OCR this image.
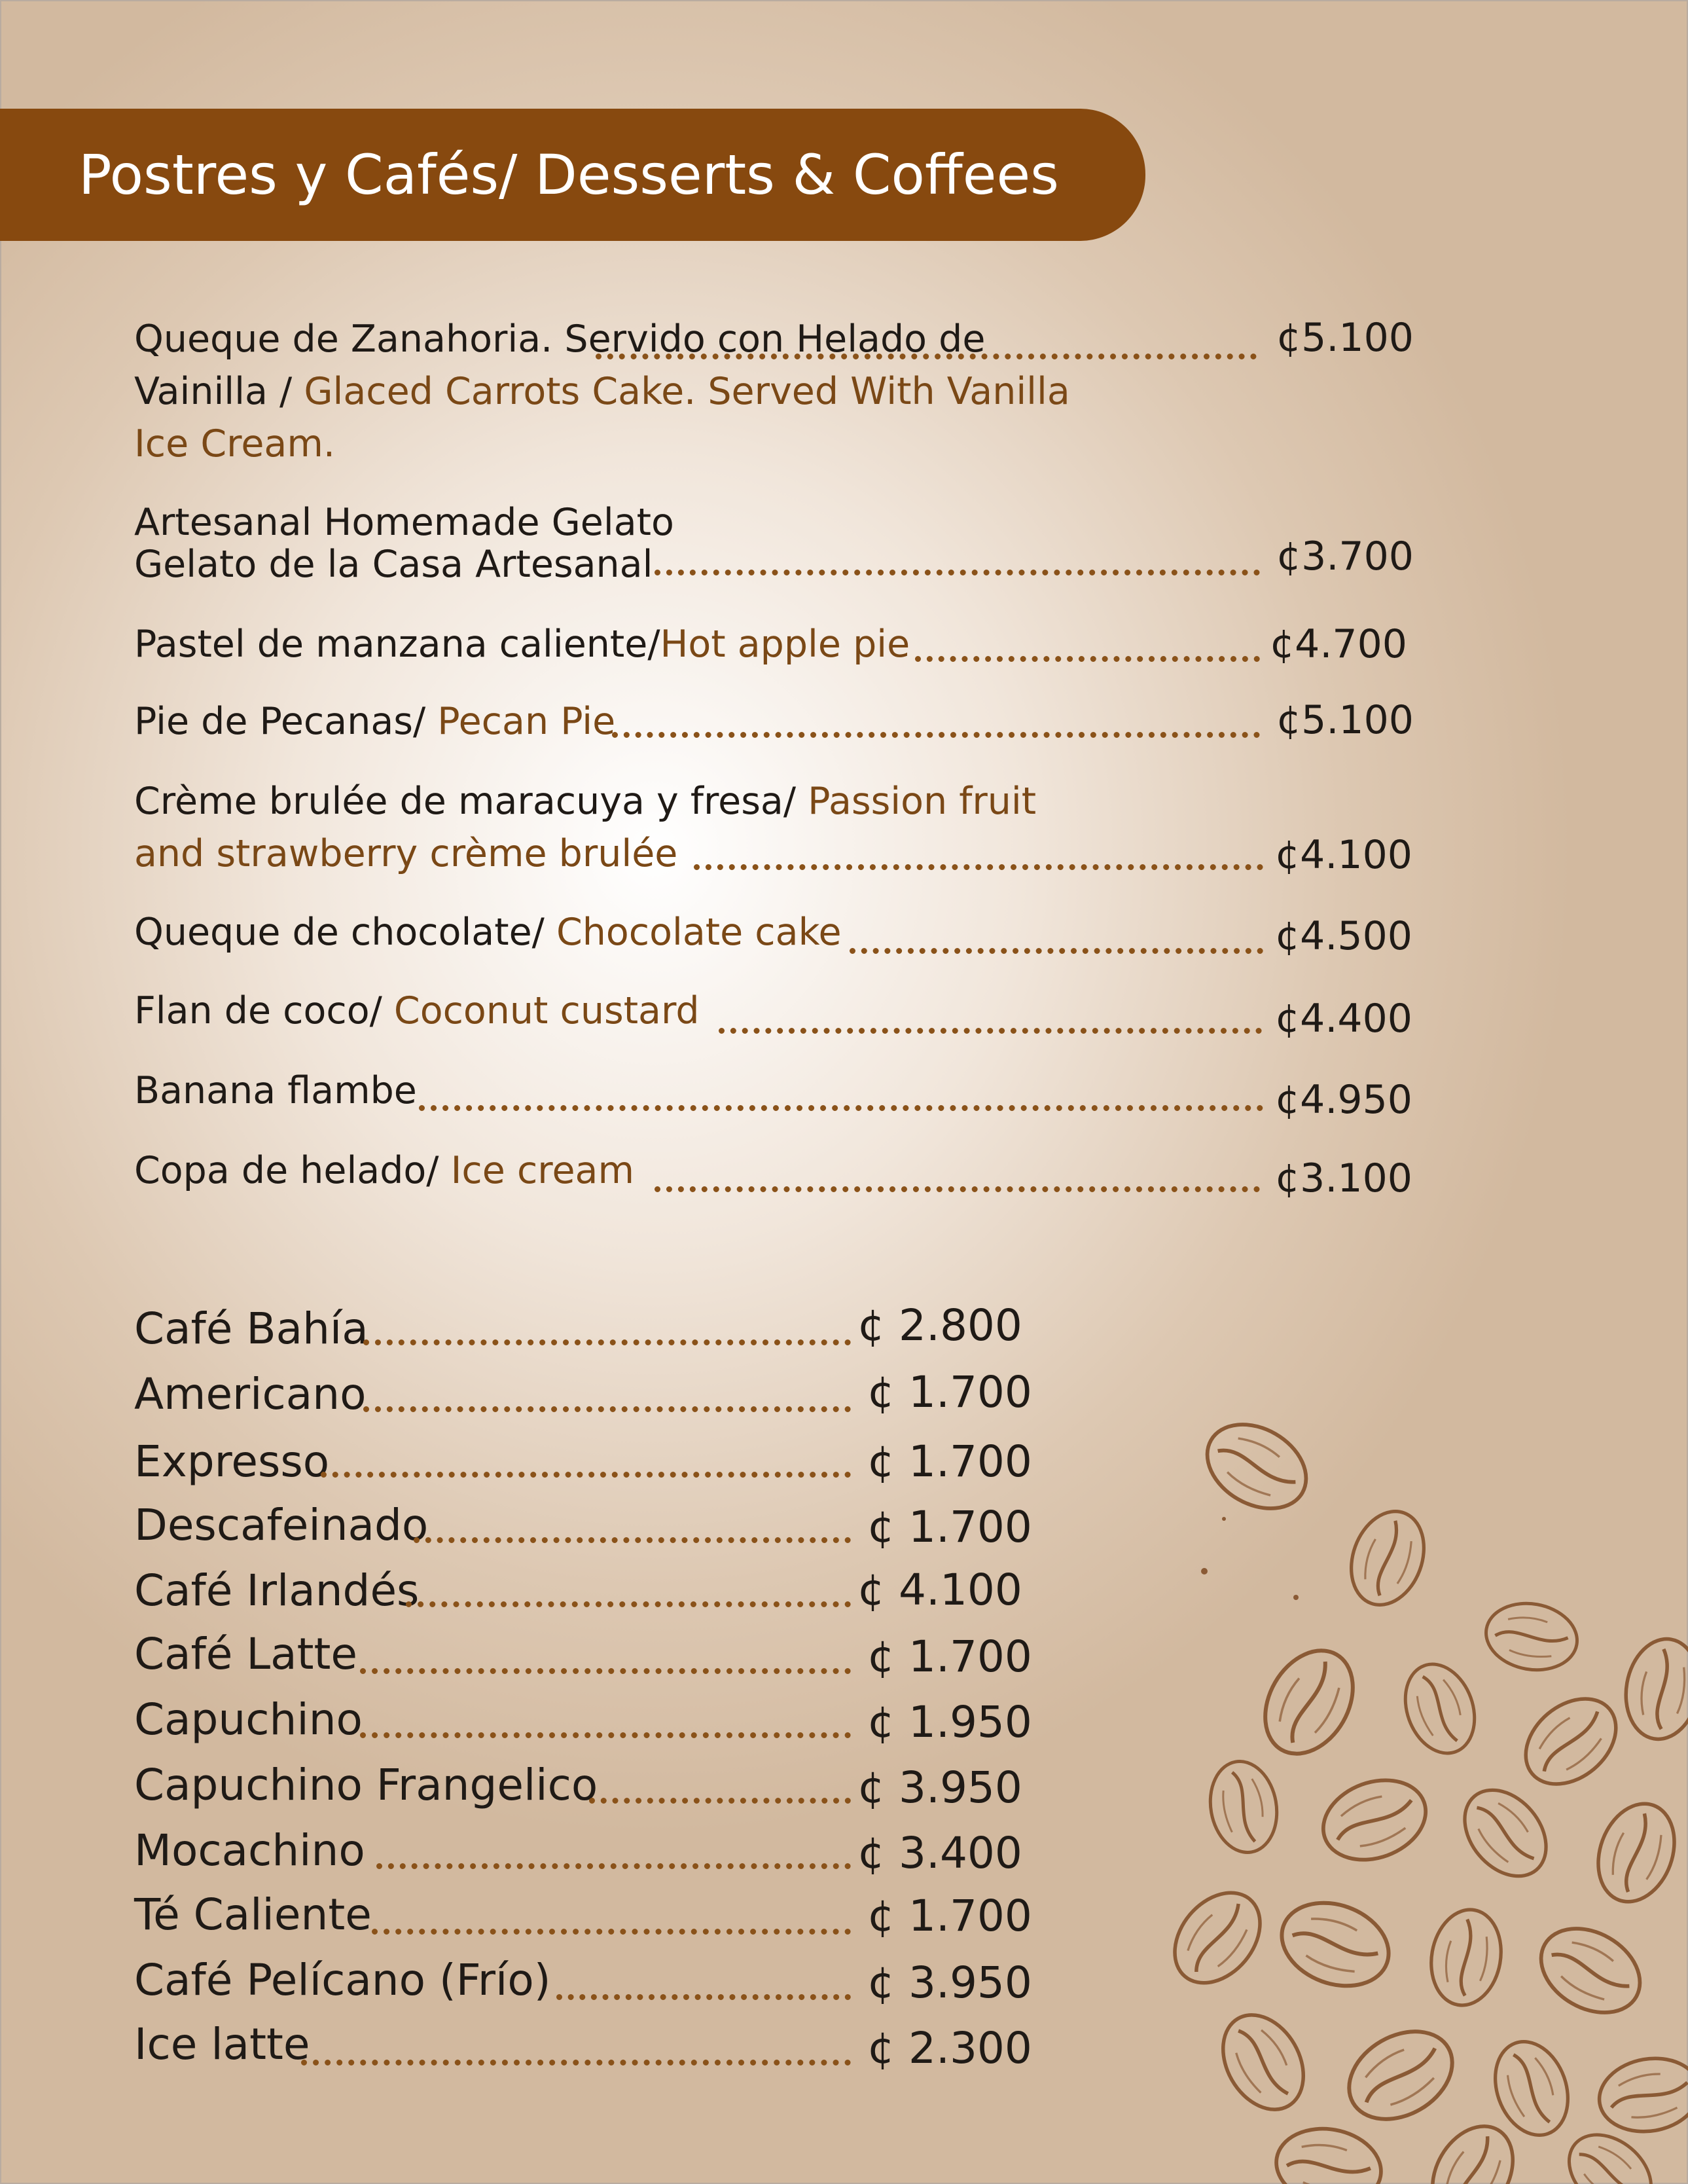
Postres y Cafés/ Desserts & Coffees
Queque de Zanahoria. Servido con Helado de
Vainilla / Glaced Carrots Cake. Served With Vanilla
Ice Cream.
¢5.100
Artesanal Homemade Gelato
Gelato de la Casa Artesanal	¢3.700
Pastel de manzana caliente/Hot apple pie	¢4.700
Pie de Pecanas/ Pecan Pie	¢5.100
Crème brulée de maracuya y fresa/ Passion fruit
and strawberry crème brulée	¢4.100
Queque de chocolate/ Chocolate cake	¢4.500
Flan de coco/ Coconut custard	¢4.400
Banana flambe	¢4.950
Copa de helado/ Ice cream	¢3.100
Café Bahía	¢ 2.800
Americano	¢ 1.700
Expresso	¢ 1.700
Descafeinado	¢ 1.700
Café Irlandés	¢ 4.100
Café Latte	¢ 1.700
Capuchino	¢ 1.950
Capuchino Frangelico	¢ 3.950
Mocachino	¢ 3.400
Té Caliente	¢ 1.700
Café Pelícano (Frío)	¢ 3.950
Ice latte	¢ 2.300
